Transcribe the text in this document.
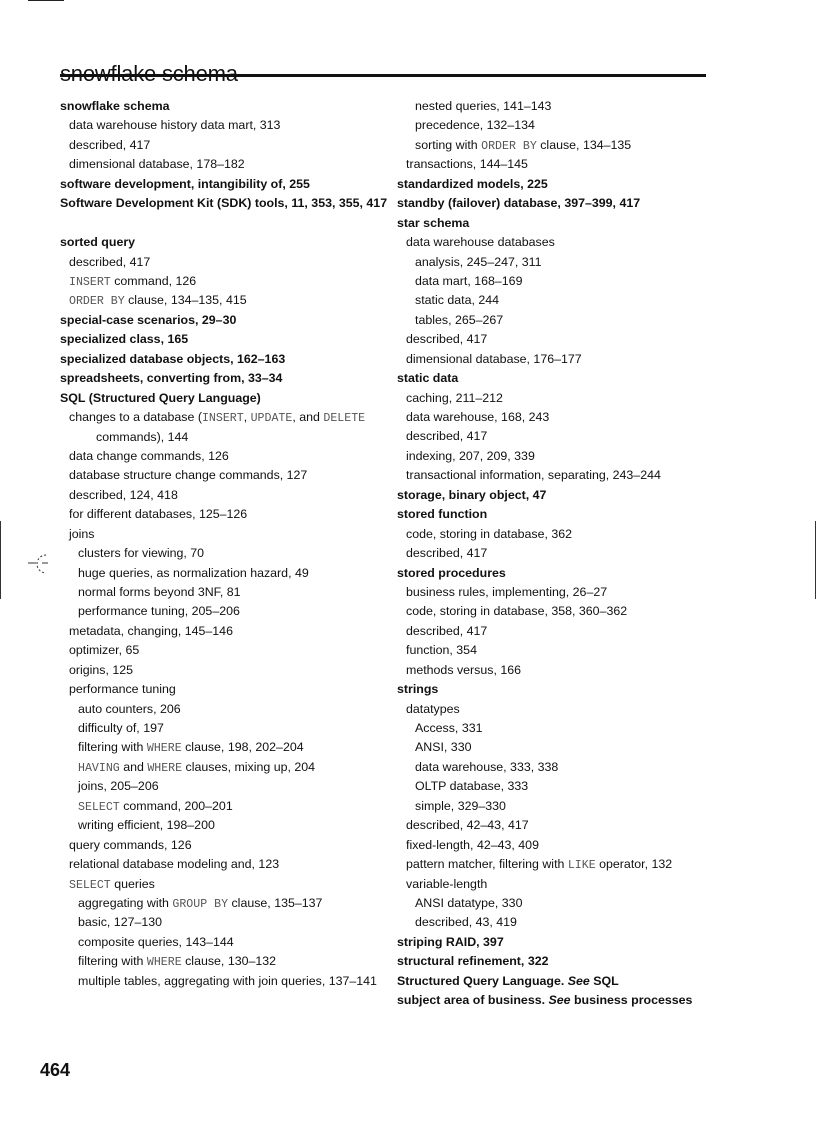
snowflake schema
data warehouse history data mart, 313
described, 417
dimensional database, 178–182
software development, intangibility of, 255
Software Development Kit (SDK) tools, 11, 353, 355, 417
sorted query
described, 417
INSERT command, 126
ORDER BY clause, 134–135, 415
special-case scenarios, 29–30
specialized class, 165
specialized database objects, 162–163
spreadsheets, converting from, 33–34
SQL (Structured Query Language)
changes to a database (INSERT, UPDATE, and DELETE commands), 144
data change commands, 126
database structure change commands, 127
described, 124, 418
for different databases, 125–126
joins
clusters for viewing, 70
huge queries, as normalization hazard, 49
normal forms beyond 3NF, 81
performance tuning, 205–206
metadata, changing, 145–146
optimizer, 65
origins, 125
performance tuning
auto counters, 206
difficulty of, 197
filtering with WHERE clause, 198, 202–204
HAVING and WHERE clauses, mixing up, 204
joins, 205–206
SELECT command, 200–201
writing efficient, 198–200
query commands, 126
relational database modeling and, 123
SELECT queries
aggregating with GROUP BY clause, 135–137
basic, 127–130
composite queries, 143–144
filtering with WHERE clause, 130–132
multiple tables, aggregating with join queries, 137–141
nested queries, 141–143
precedence, 132–134
sorting with ORDER BY clause, 134–135
transactions, 144–145
standardized models, 225
standby (failover) database, 397–399, 417
star schema
data warehouse databases
analysis, 245–247, 311
data mart, 168–169
static data, 244
tables, 265–267
described, 417
dimensional database, 176–177
static data
caching, 211–212
data warehouse, 168, 243
described, 417
indexing, 207, 209, 339
transactional information, separating, 243–244
storage, binary object, 47
stored function
code, storing in database, 362
described, 417
stored procedures
business rules, implementing, 26–27
code, storing in database, 358, 360–362
described, 417
function, 354
methods versus, 166
strings
datatypes
Access, 331
ANSI, 330
data warehouse, 333, 338
OLTP database, 333
simple, 329–330
described, 42–43, 417
fixed-length, 42–43, 409
pattern matcher, filtering with LIKE operator, 132
variable-length
ANSI datatype, 330
described, 43, 419
striping RAID, 397
structural refinement, 322
Structured Query Language. See SQL
subject area of business. See business processes
464
